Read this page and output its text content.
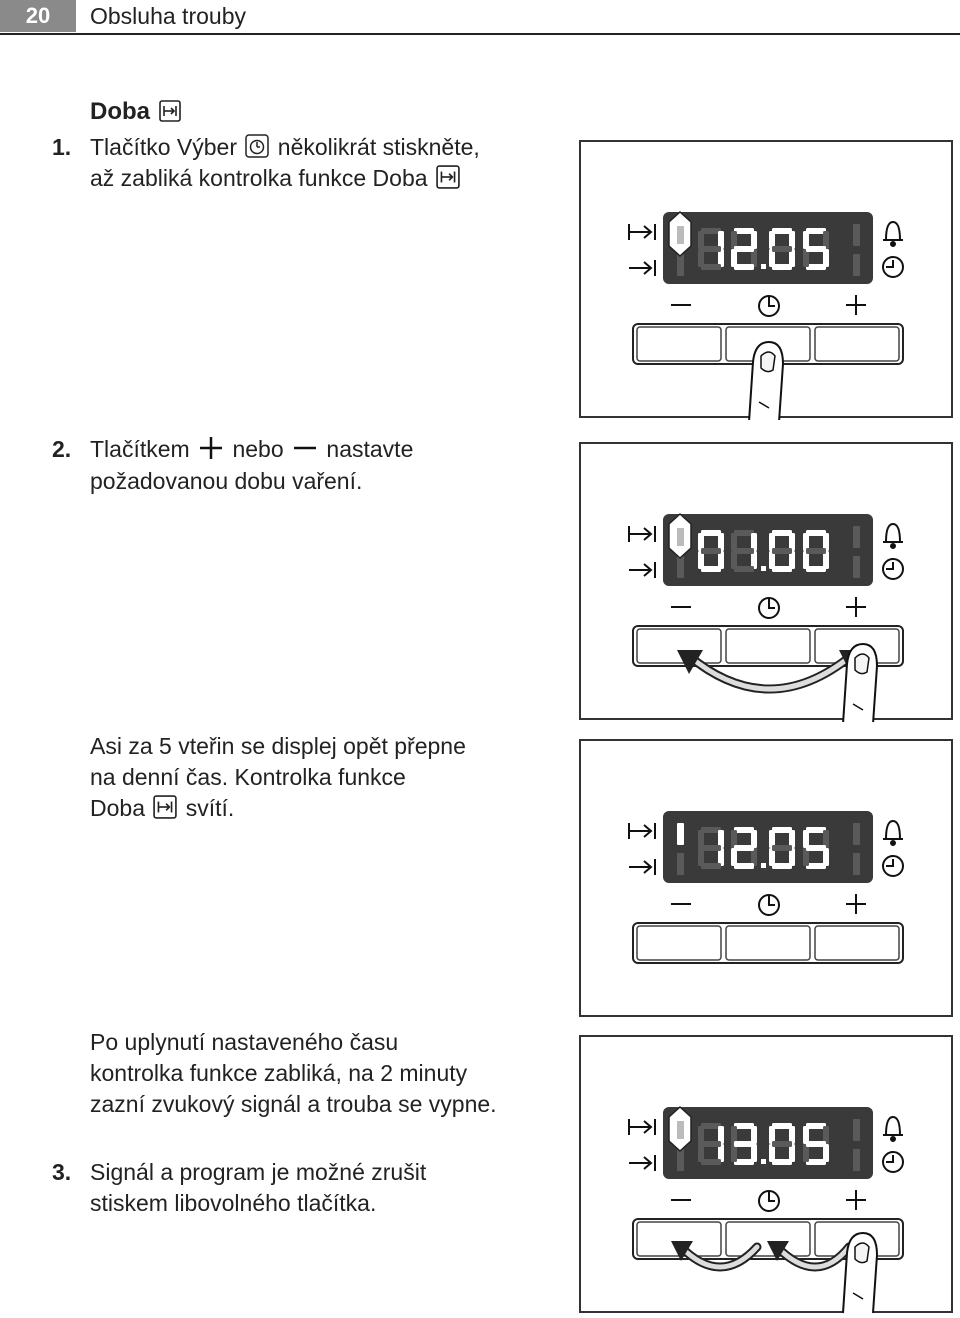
20	Obsluha trouby
Doba
1. Tlačítko Výber několikrát stiskněte,
až zabliká kontrolka funkce Doba
2. Tlačítkem nebo nastavte
požadovanou dobu vaření.
Asi za 5 vteřin se displej opět přepne
na denní čas. Kontrolka funkce
Doba svítí.
Po uplynutí nastaveného času
kontrolka funkce zabliká, na 2 minuty
zazní zvukový signál a trouba se vypne.
3. Signál a program je možné zrušit
stiskem libovolného tlačítka.
